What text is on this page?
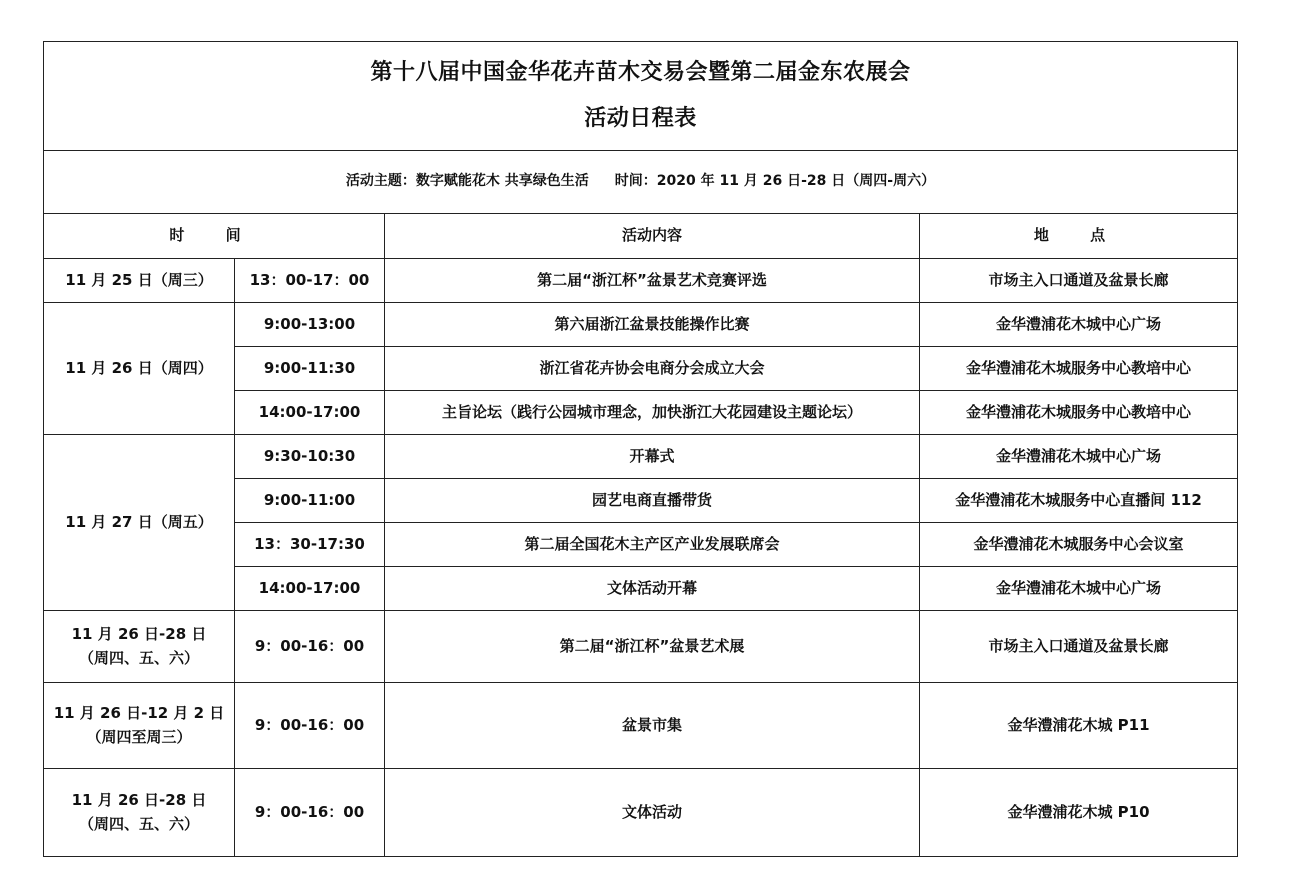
第十八届中国金华花卉苗木交易会暨第二届金东农展会
活动日程表			

活动主题：数字赋能花木 共享绿色生活 时间：2020 年 11 月 26 日-28 日（周四-周六）			
时 间		活动内容	地 点
11 月 25 日（周三）	13：00-17：00	第二届“浙江杯”盆景艺术竞赛评选	市场主入口通道及盆景长廊
11 月 26 日（周四）	9:00-13:00	第六届浙江盆景技能操作比赛	金华澧浦花木城中心广场
	9:00-11:30	浙江省花卉协会电商分会成立大会	金华澧浦花木城服务中心教培中心
	14:00-17:00	主旨论坛（践行公园城市理念，加快浙江大花园建设主题论坛）	金华澧浦花木城服务中心教培中心
11 月 27 日（周五）	9:30-10:30	开幕式	金华澧浦花木城中心广场
	9:00-11:00	园艺电商直播带货	金华澧浦花木城服务中心直播间 112
	13：30-17:30	第二届全国花木主产区产业发展联席会	金华澧浦花木城服务中心会议室
	14:00-17:00	文体活动开幕	金华澧浦花木城中心广场

11 月 26 日-28 日
（周四、五、六）	9：00-16：00	第二届“浙江杯”盆景艺术展	市场主入口通道及盆景长廊

11 月 26 日-12 月 2 日
（周四至周三）	9：00-16：00	盆景市集	金华澧浦花木城 P11

11 月 26 日-28 日
（周四、五、六）	9：00-16：00	文体活动	金华澧浦花木城 P10
